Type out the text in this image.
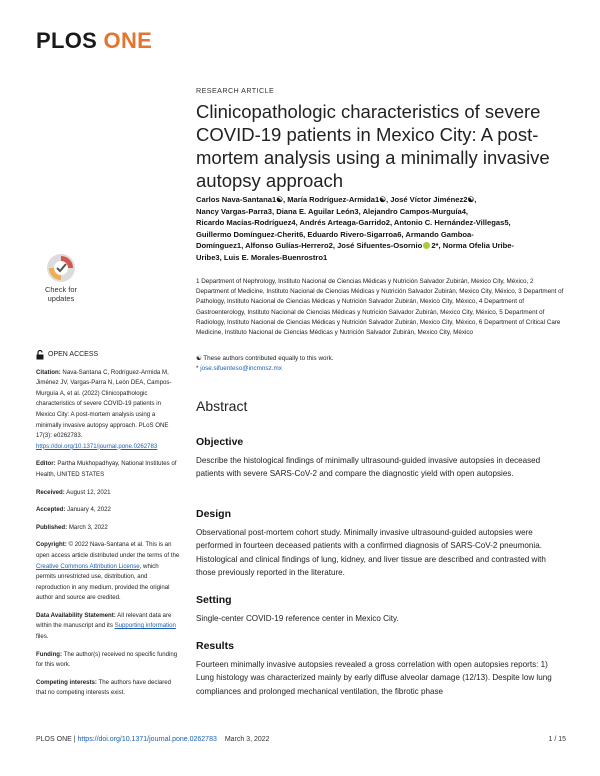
PLOS ONE
RESEARCH ARTICLE
Clinicopathologic characteristics of severe COVID-19 patients in Mexico City: A post-mortem analysis using a minimally invasive autopsy approach
Carlos Nava-Santana1☯, María Rodríguez-Armida1☯, José Víctor Jiménez2☯,
Nancy Vargas-Parra3, Diana E. Aguilar León3, Alejandro Campos-Murguía4,
Ricardo Macías-Rodríguez4, Andrés Arteaga-Garrido2, Antonio C. Hernández-Villegas5,
Guillermo Domínguez-Cherit6, Eduardo Rivero-Sigarroa6, Armando Gamboa-
Domínguez1, Alfonso Gulías-Herrero2, José Sifuentes-Osornio 2*, Norma Ofelia Uribe-
Uribe3, Luis E. Morales-Buenrostro1
1 Department of Nephrology, Instituto Nacional de Ciencias Médicas y Nutrición Salvador Zubirán, Mexico City, México, 2 Department of Medicine, Instituto Nacional de Ciencias Médicas y Nutrición Salvador Zubirán, Mexico City, México, 3 Department of Pathology, Instituto Nacional de Ciencias Médicas y Nutrición Salvador Zubirán, Mexico City, México, 4 Department of Gastroenterology, Instituto Nacional de Ciencias Médicas y Nutrición Salvador Zubirán, Mexico City, México, 5 Department of Radiology, Instituto Nacional de Ciencias Médicas y Nutrición Salvador Zubirán, Mexico City, México, 6 Department of Critical Care Medicine, Instituto Nacional de Ciencias Médicas y Nutrición Salvador Zubirán, Mexico City, México
☯ These authors contributed equally to this work.
* jose.sifuentesо@incmnsz.mx
Check for
updates
OPEN ACCESS

Citation: Nava-Santana C, Rodríguez-Armida M, Jiménez JV, Vargas-Parra N, León DEA, Campos-Murguía A, et al. (2022) Clinicopathologic characteristics of severe COVID-19 patients in Mexico City: A post-mortem analysis using a minimally invasive autopsy approach. PLoS ONE 17(3): e0262783. https://doi.org/10.1371/journal.pone.0262783

Editor: Partha Mukhopadhyay, National Institutes of Health, UNITED STATES

Received: August 12, 2021

Accepted: January 4, 2022

Published: March 3, 2022

Copyright: © 2022 Nava-Santana et al. This is an open access article distributed under the terms of the Creative Commons Attribution License, which permits unrestricted use, distribution, and reproduction in any medium, provided the original author and source are credited.

Data Availability Statement: All relevant data are within the manuscript and its Supporting information files.

Funding: The author(s) received no specific funding for this work.

Competing interests: The authors have declared that no competing interests exist.

Abstract
Objective

Describe the histological findings of minimally ultrasound-guided invasive autopsies in deceased patients with severe SARS-CoV-2 and compare the diagnostic yield with open autopsies.

Design

Observational post-mortem cohort study. Minimally invasive ultrasound-guided autopsies were performed in fourteen deceased patients with a confirmed diagnosis of SARS-CoV-2 pneumonia. Histological and clinical findings of lung, kidney, and liver tissue are described and contrasted with those previously reported in the literature.

Setting

Single-center COVID-19 reference center in Mexico City.

Results

Fourteen minimally invasive autopsies revealed a gross correlation with open autopsies reports: 1) Lung histology was characterized mainly by early diffuse alveolar damage (12/13). Despite low lung compliances and prolonged mechanical ventilation, the fibrotic phase

PLOS ONE | https://doi.org/10.1371/journal.pone.0262783 March 3, 2022	1 / 15
